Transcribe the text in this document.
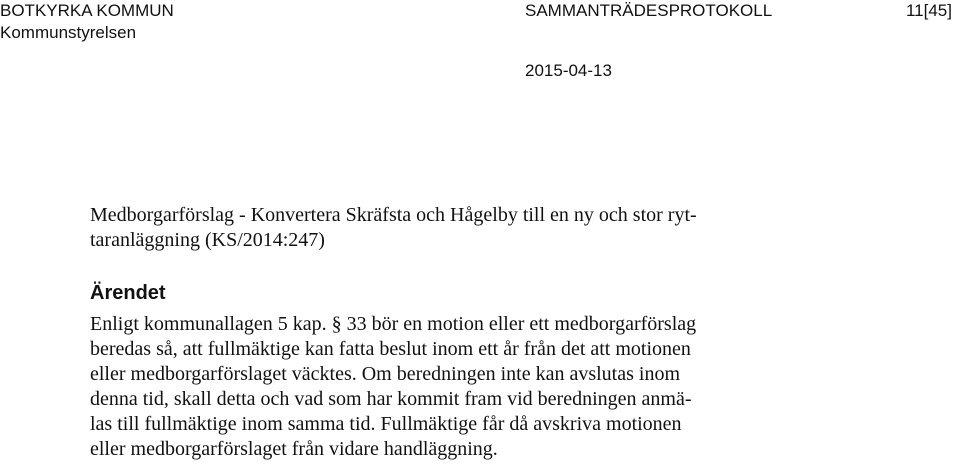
BOTKYRKA KOMMUN
Kommunstyrelsen
SAMMANTRÄDESPROTOKOLL	11[45]
2015-04-13

Medborgarförslag - Konvertera Skräfsta och Hågelby till en ny och stor ryt-
taranläggning (KS/2014:247)

Ärendet

Enligt kommunallagen 5 kap. § 33 bör en motion eller ett medborgarförslag
beredas så, att fullmäktige kan fatta beslut inom ett år från det att motionen
eller medborgarförslaget väcktes. Om beredningen inte kan avslutas inom
denna tid, skall detta och vad som har kommit fram vid beredningen anmä-
las till fullmäktige inom samma tid. Fullmäktige får då avskriva motionen
eller medborgarförslaget från vidare handläggning.
